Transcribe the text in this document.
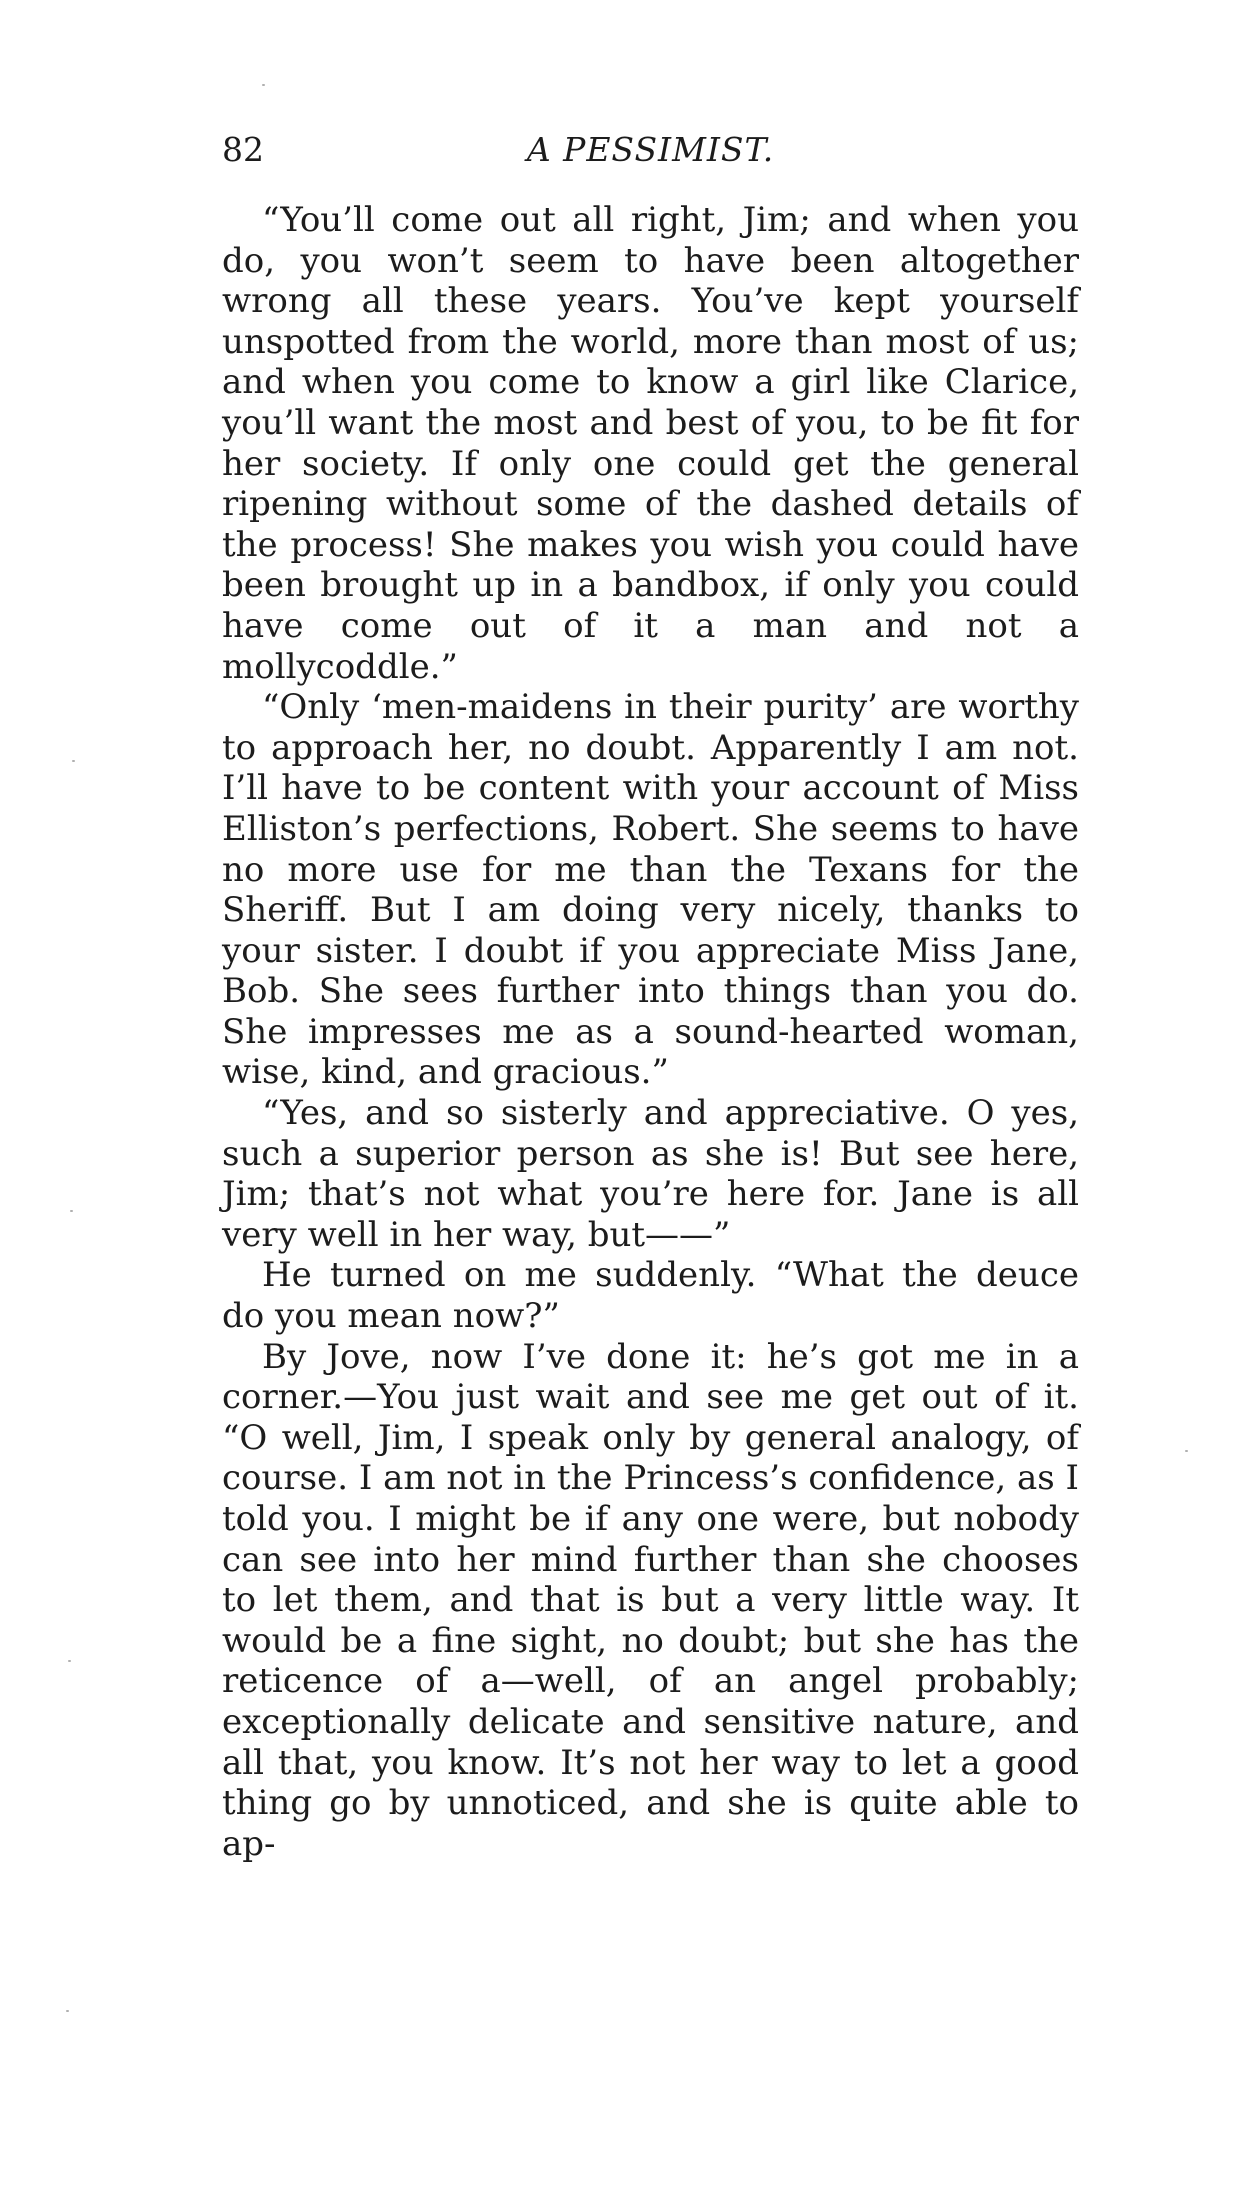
82	A PESSIMIST.

“You’ll come out all right, Jim; and when you do, you won’t seem to have been altogether wrong all these years. You’ve kept yourself unspotted from the world, more than most of us; and when you come to know a girl like Clarice, you’ll want the most and best of you, to be fit for her society. If only one could get the general ripening without some of the dashed details of the process! She makes you wish you could have been brought up in a bandbox, if only you could have come out of it a man and not a mollycoddle.”

“Only ‘men-maidens in their purity’ are worthy to approach her, no doubt. Apparently I am not. I’ll have to be content with your account of Miss Elliston’s perfections, Robert. She seems to have no more use for me than the Texans for the Sheriff. But I am doing very nicely, thanks to your sister. I doubt if you appreciate Miss Jane, Bob. She sees further into things than you do. She impresses me as a sound-hearted woman, wise, kind, and gracious.”

“Yes, and so sisterly and appreciative. O yes, such a superior person as she is! But see here, Jim; that’s not what you’re here for. Jane is all very well in her way, but——”

He turned on me suddenly. “What the deuce do you mean now?”

By Jove, now I’ve done it: he’s got me in a corner.—You just wait and see me get out of it. “O well, Jim, I speak only by general analogy, of course. I am not in the Princess’s confidence, as I told you. I might be if any one were, but nobody can see into her mind further than she chooses to let them, and that is but a very little way. It would be a fine sight, no doubt; but she has the reticence of a—well, of an angel probably; exceptionally delicate and sensitive nature, and all that, you know. It’s not her way to let a good thing go by unnoticed, and she is quite able to ap-
